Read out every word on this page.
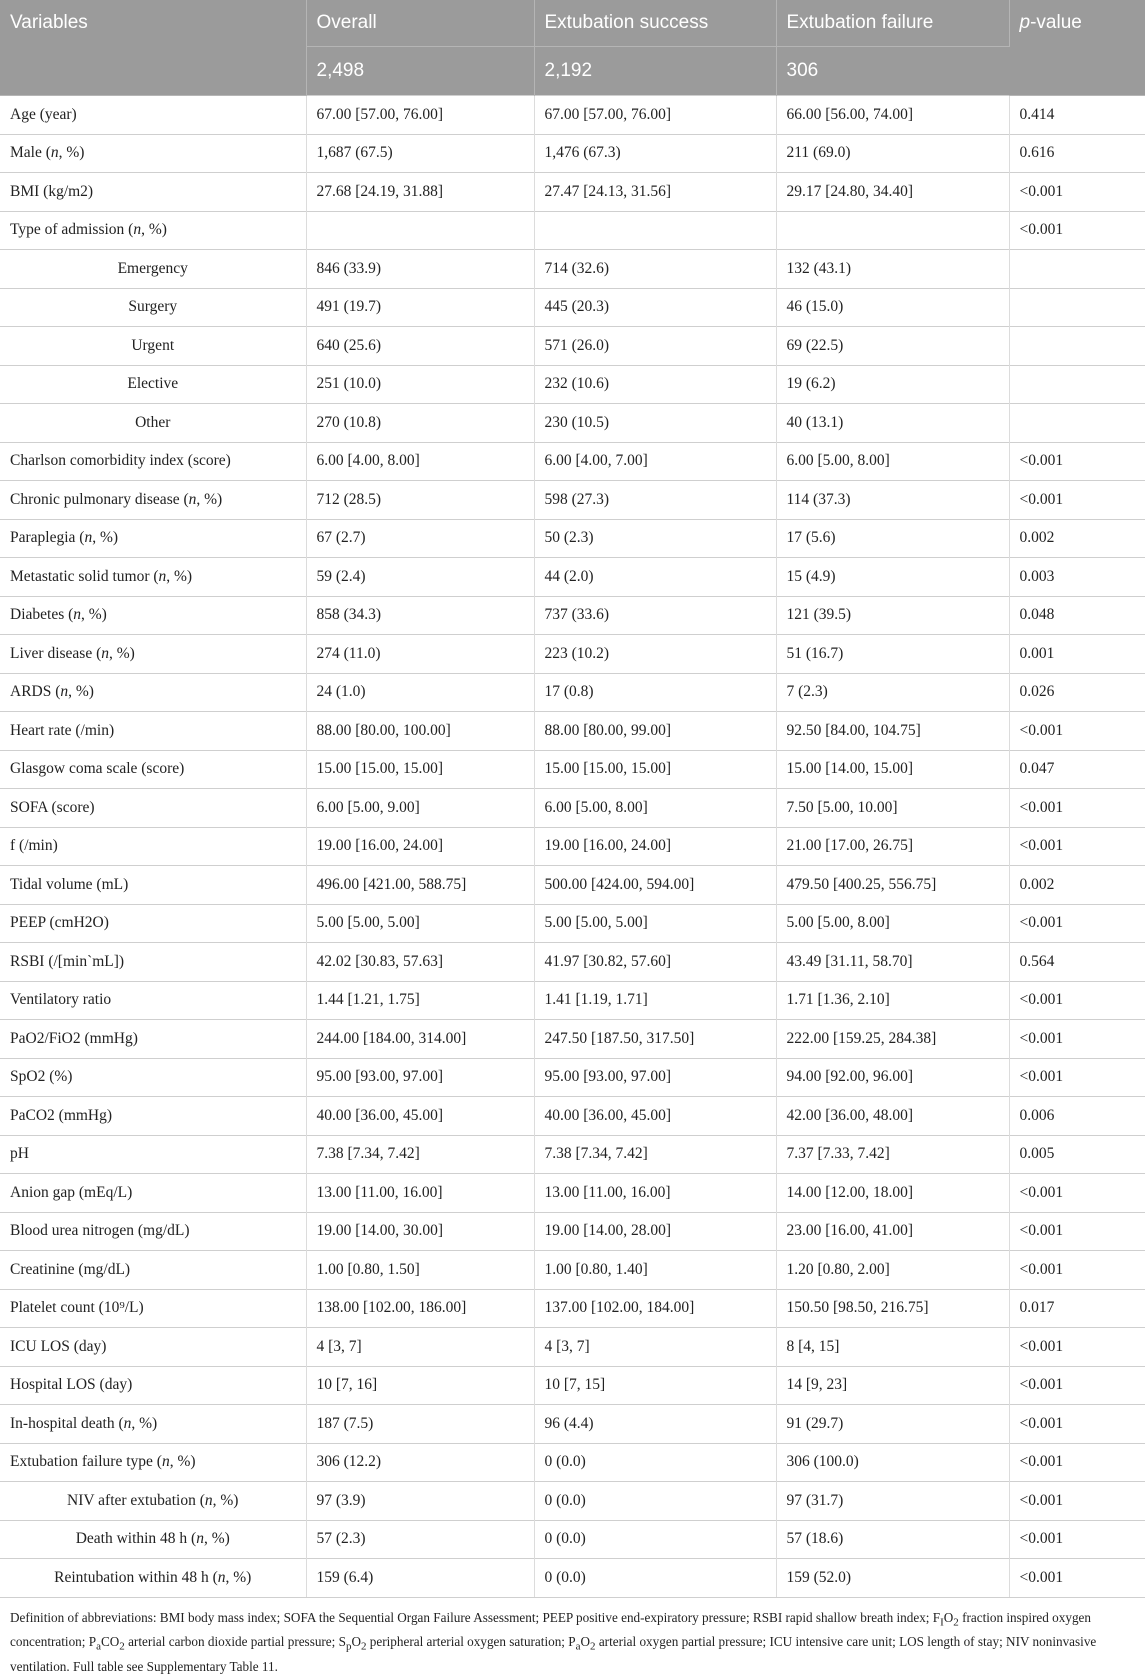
Variables	Overall	Extubation success	Extubation failure	p-value
	2,498	2,192	306	
Age (year)	67.00 [57.00, 76.00]	67.00 [57.00, 76.00]	66.00 [56.00, 74.00]	0.414
Male (n, %)	1,687 (67.5)	1,476 (67.3)	211 (69.0)	0.616
BMI (kg/m2)	27.68 [24.19, 31.88]	27.47 [24.13, 31.56]	29.17 [24.80, 34.40]	<0.001
Type of admission (n, %)				<0.001
Emergency	846 (33.9)	714 (32.6)	132 (43.1)	
Surgery	491 (19.7)	445 (20.3)	46 (15.0)	
Urgent	640 (25.6)	571 (26.0)	69 (22.5)	
Elective	251 (10.0)	232 (10.6)	19 (6.2)	
Other	270 (10.8)	230 (10.5)	40 (13.1)	
Charlson comorbidity index (score)	6.00 [4.00, 8.00]	6.00 [4.00, 7.00]	6.00 [5.00, 8.00]	<0.001
Chronic pulmonary disease (n, %)	712 (28.5)	598 (27.3)	114 (37.3)	<0.001
Paraplegia (n, %)	67 (2.7)	50 (2.3)	17 (5.6)	0.002
Metastatic solid tumor (n, %)	59 (2.4)	44 (2.0)	15 (4.9)	0.003
Diabetes (n, %)	858 (34.3)	737 (33.6)	121 (39.5)	0.048
Liver disease (n, %)	274 (11.0)	223 (10.2)	51 (16.7)	0.001
ARDS (n, %)	24 (1.0)	17 (0.8)	7 (2.3)	0.026
Heart rate (/min)	88.00 [80.00, 100.00]	88.00 [80.00, 99.00]	92.50 [84.00, 104.75]	<0.001
Glasgow coma scale (score)	15.00 [15.00, 15.00]	15.00 [15.00, 15.00]	15.00 [14.00, 15.00]	0.047
SOFA (score)	6.00 [5.00, 9.00]	6.00 [5.00, 8.00]	7.50 [5.00, 10.00]	<0.001
f (/min)	19.00 [16.00, 24.00]	19.00 [16.00, 24.00]	21.00 [17.00, 26.75]	<0.001
Tidal volume (mL)	496.00 [421.00, 588.75]	500.00 [424.00, 594.00]	479.50 [400.25, 556.75]	0.002
PEEP (cmH2O)	5.00 [5.00, 5.00]	5.00 [5.00, 5.00]	5.00 [5.00, 8.00]	<0.001
RSBI (/[min`mL])	42.02 [30.83, 57.63]	41.97 [30.82, 57.60]	43.49 [31.11, 58.70]	0.564
Ventilatory ratio	1.44 [1.21, 1.75]	1.41 [1.19, 1.71]	1.71 [1.36, 2.10]	<0.001
PaO2/FiO2 (mmHg)	244.00 [184.00, 314.00]	247.50 [187.50, 317.50]	222.00 [159.25, 284.38]	<0.001
SpO2 (%)	95.00 [93.00, 97.00]	95.00 [93.00, 97.00]	94.00 [92.00, 96.00]	<0.001
PaCO2 (mmHg)	40.00 [36.00, 45.00]	40.00 [36.00, 45.00]	42.00 [36.00, 48.00]	0.006
pH	7.38 [7.34, 7.42]	7.38 [7.34, 7.42]	7.37 [7.33, 7.42]	0.005
Anion gap (mEq/L)	13.00 [11.00, 16.00]	13.00 [11.00, 16.00]	14.00 [12.00, 18.00]	<0.001
Blood urea nitrogen (mg/dL)	19.00 [14.00, 30.00]	19.00 [14.00, 28.00]	23.00 [16.00, 41.00]	<0.001
Creatinine (mg/dL)	1.00 [0.80, 1.50]	1.00 [0.80, 1.40]	1.20 [0.80, 2.00]	<0.001
Platelet count (10⁹/L)	138.00 [102.00, 186.00]	137.00 [102.00, 184.00]	150.50 [98.50, 216.75]	0.017
ICU LOS (day)	4 [3, 7]	4 [3, 7]	8 [4, 15]	<0.001
Hospital LOS (day)	10 [7, 16]	10 [7, 15]	14 [9, 23]	<0.001
In-hospital death (n, %)	187 (7.5)	96 (4.4)	91 (29.7)	<0.001
Extubation failure type (n, %)	306 (12.2)	0 (0.0)	306 (100.0)	<0.001
NIV after extubation (n, %)	97 (3.9)	0 (0.0)	97 (31.7)	<0.001
Death within 48 h (n, %)	57 (2.3)	0 (0.0)	57 (18.6)	<0.001
Reintubation within 48 h (n, %)	159 (6.4)	0 (0.0)	159 (52.0)	<0.001
Definition of abbreviations: BMI body mass index; SOFA the Sequential Organ Failure Assessment; PEEP positive end-expiratory pressure; RSBI rapid shallow breath index; $F_IO_2$ fraction inspired oxygen concentration; $P_aCO_2$ arterial carbon dioxide partial pressure; $S_pO_2$ peripheral arterial oxygen saturation; $P_aO_2$ arterial oxygen partial pressure; ICU intensive care unit; LOS length of stay; NIV noninvasive ventilation. Full table see Supplementary Table 11.
